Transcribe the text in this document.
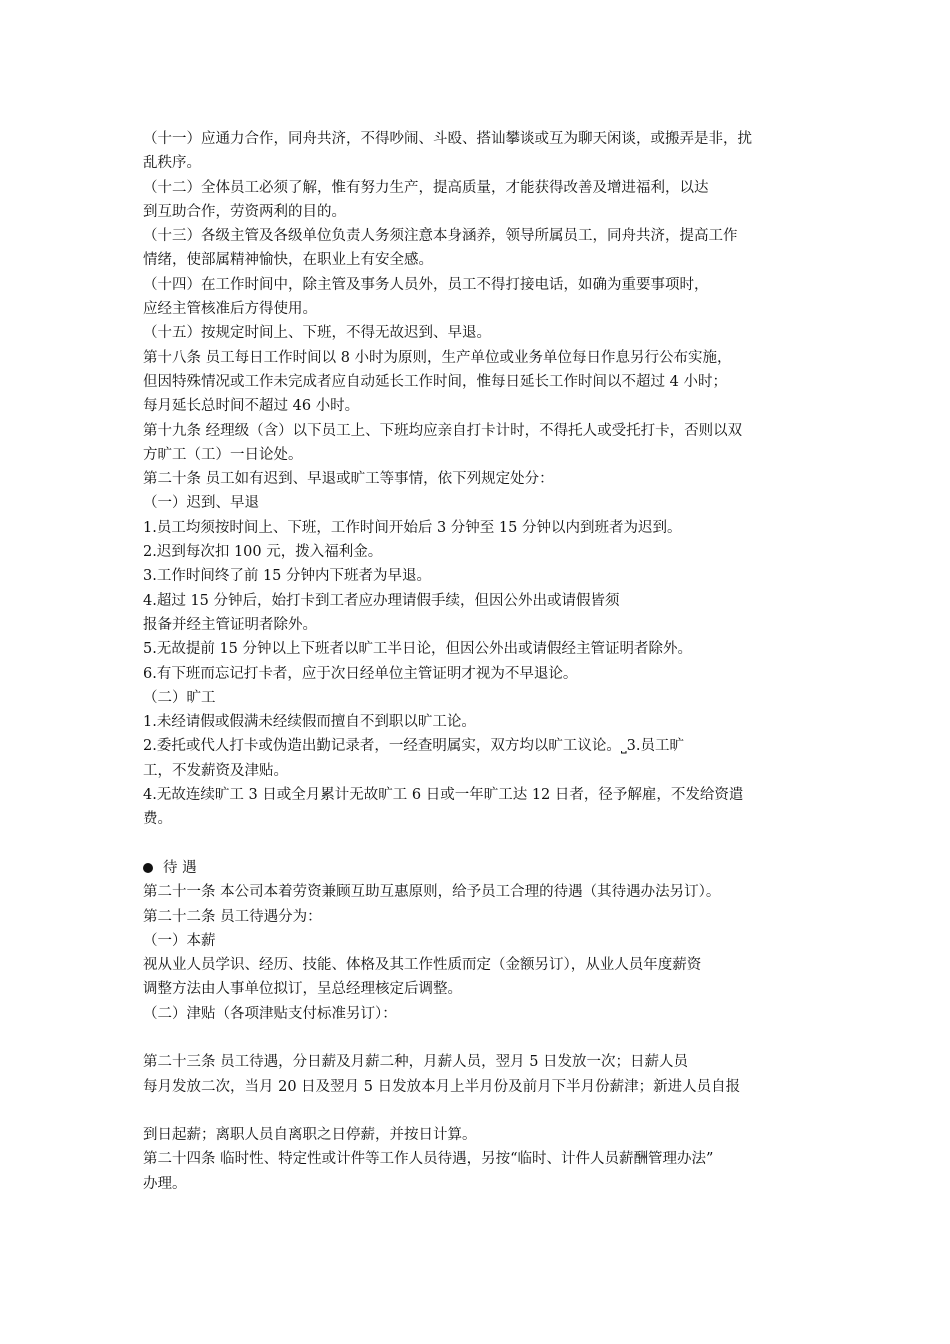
（十一）应通力合作，同舟共济，不得吵闹、斗殴、搭讪攀谈或互为聊天闲谈，或搬弄是非，扰
乱秩序。
（十二）全体员工必须了解，惟有努力生产，提高质量，才能获得改善及增进福利，以达
到互助合作，劳资两利的目的。
（十三）各级主管及各级单位负责人务须注意本身涵养，领导所属员工，同舟共济，提高工作
情绪，使部属精神愉快，在职业上有安全感。
（十四）在工作时间中，除主管及事务人员外，员工不得打接电话，如确为重要事项时，
应经主管核准后方得使用。
（十五）按规定时间上、下班，不得无故迟到、早退。
第十八条 员工每日工作时间以 8 小时为原则，生产单位或业务单位每日作息另行公布实施，
但因特殊情况或工作未完成者应自动延长工作时间，惟每日延长工作时间以不超过 4 小时；
每月延长总时间不超过 46 小时。
第十九条 经理级（含）以下员工上、下班均应亲自打卡计时，不得托人或受托打卡，否则以双
方旷工（工）一日论处。
第二十条 员工如有迟到、早退或旷工等事情，依下列规定处分：
（一）迟到、早退
1.员工均须按时间上、下班，工作时间开始后 3 分钟至 15 分钟以内到班者为迟到。
2.迟到每次扣 100 元，拨入福利金。
3.工作时间终了前 15 分钟内下班者为早退。
4.超过 15 分钟后，始打卡到工者应办理请假手续，但因公外出或请假皆须
报备并经主管证明者除外。
5.无故提前 15 分钟以上下班者以旷工半日论，但因公外出或请假经主管证明者除外。
6.有下班而忘记打卡者，应于次日经单位主管证明才视为不早退论。
（二）旷工
1.未经请假或假满未经续假而擅自不到职以旷工论。
2.委托或代人打卡或伪造出勤记录者，一经查明属实，双方均以旷工议论。⎵3.员工旷
工，不发薪资及津贴。
4.无故连续旷工 3 日或全月累计无故旷工 6 日或一年旷工达 12 日者，径予解雇，不发给资遣
费。
待 遇
第二十一条 本公司本着劳资兼顾互助互惠原则，给予员工合理的待遇（其待遇办法另订）。
第二十二条 员工待遇分为：
（一）本薪
视从业人员学识、经历、技能、体格及其工作性质而定（金额另订），从业人员年度薪资
调整方法由人事单位拟订，呈总经理核定后调整。
（二）津贴（各项津贴支付标准另订）：
第二十三条 员工待遇，分日薪及月薪二种，月薪人员，翌月 5 日发放一次；日薪人员
每月发放二次，当月 20 日及翌月 5 日发放本月上半月份及前月下半月份薪津；新进人员自报
到日起薪；离职人员自离职之日停薪，并按日计算。
第二十四条 临时性、特定性或计件等工作人员待遇，另按“临时、计件人员薪酬管理办法”
办理。
